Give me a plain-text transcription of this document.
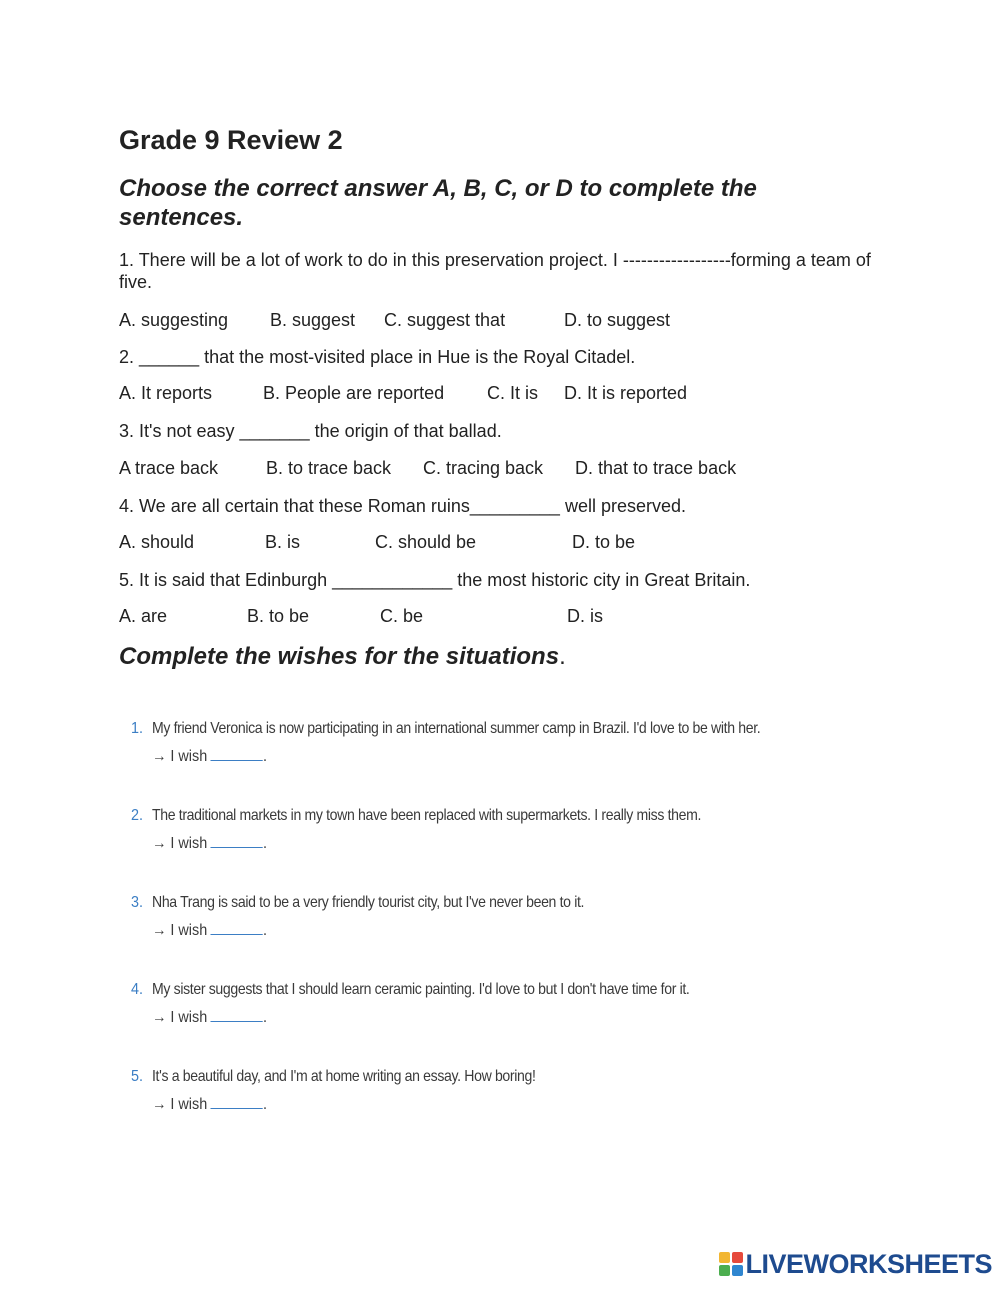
Grade 9 Review 2
Choose the correct answer A, B, C, or D to complete the sentences.
1. There will be a lot of work to do in this preservation project. I ------------------forming a team of five.
A. suggesting B. suggest C. suggest that	D. to suggest
2. ______ that the most-visited place in Hue is the Royal Citadel.
A. It reports	B. People are reported C. It is D. It is reported
3. It's not easy _______ the origin of that ballad.
A trace back	B. to trace back C. tracing back D. that to trace back
4. We are all certain that these Roman ruins_________ well preserved.
A. should	B. is	C. should be	D. to be
5. It is said that Edinburgh ____________ the most historic city in Great Britain.
A. are	B. to be	C. be	D. is
Complete the wishes for the situations.
1. My friend Veronica is now participating in an international summer camp in Brazil. I'd love to be with her.
→ I wish	.
2. The traditional markets in my town have been replaced with supermarkets. I really miss them.
→ I wish	.
3. Nha Trang is said to be a very friendly tourist city, but I've never been to it.
→ I wish	.
4. My sister suggests that I should learn ceramic painting. I'd love to but I don't have time for it.
→ I wish	.
5. It's a beautiful day, and I'm at home writing an essay. How boring!
→ I wish	.
LIVEWORKSHEETS
